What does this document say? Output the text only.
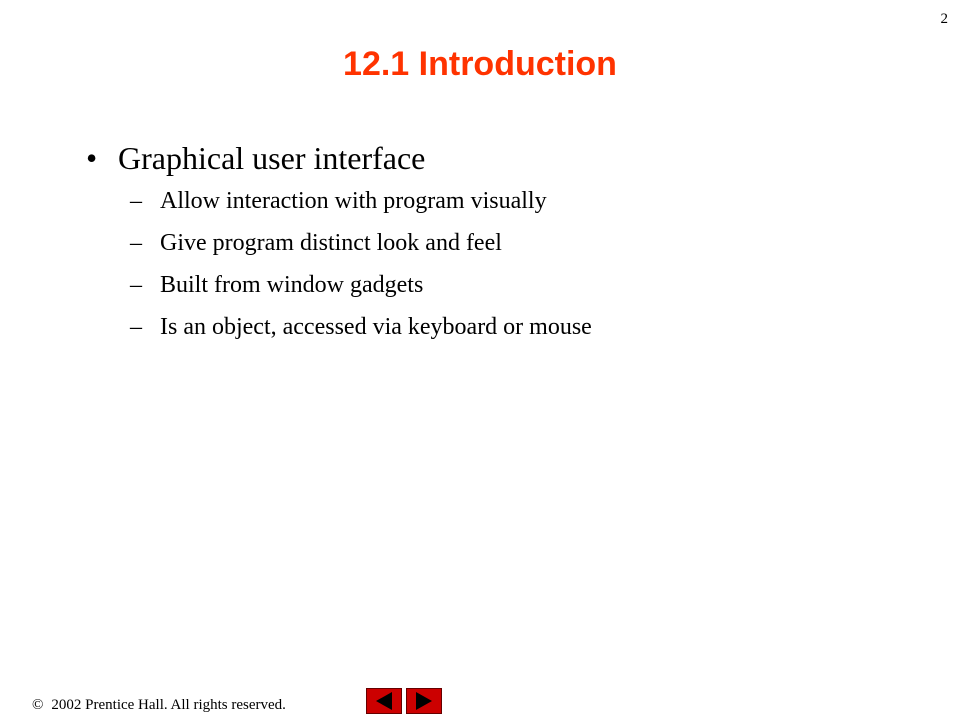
2
12.1 Introduction
• Graphical user interface
– Allow interaction with program visually
– Give program distinct look and feel
– Built from window gadgets
– Is an object, accessed via keyboard or mouse
© 2002 Prentice Hall. All rights reserved.
